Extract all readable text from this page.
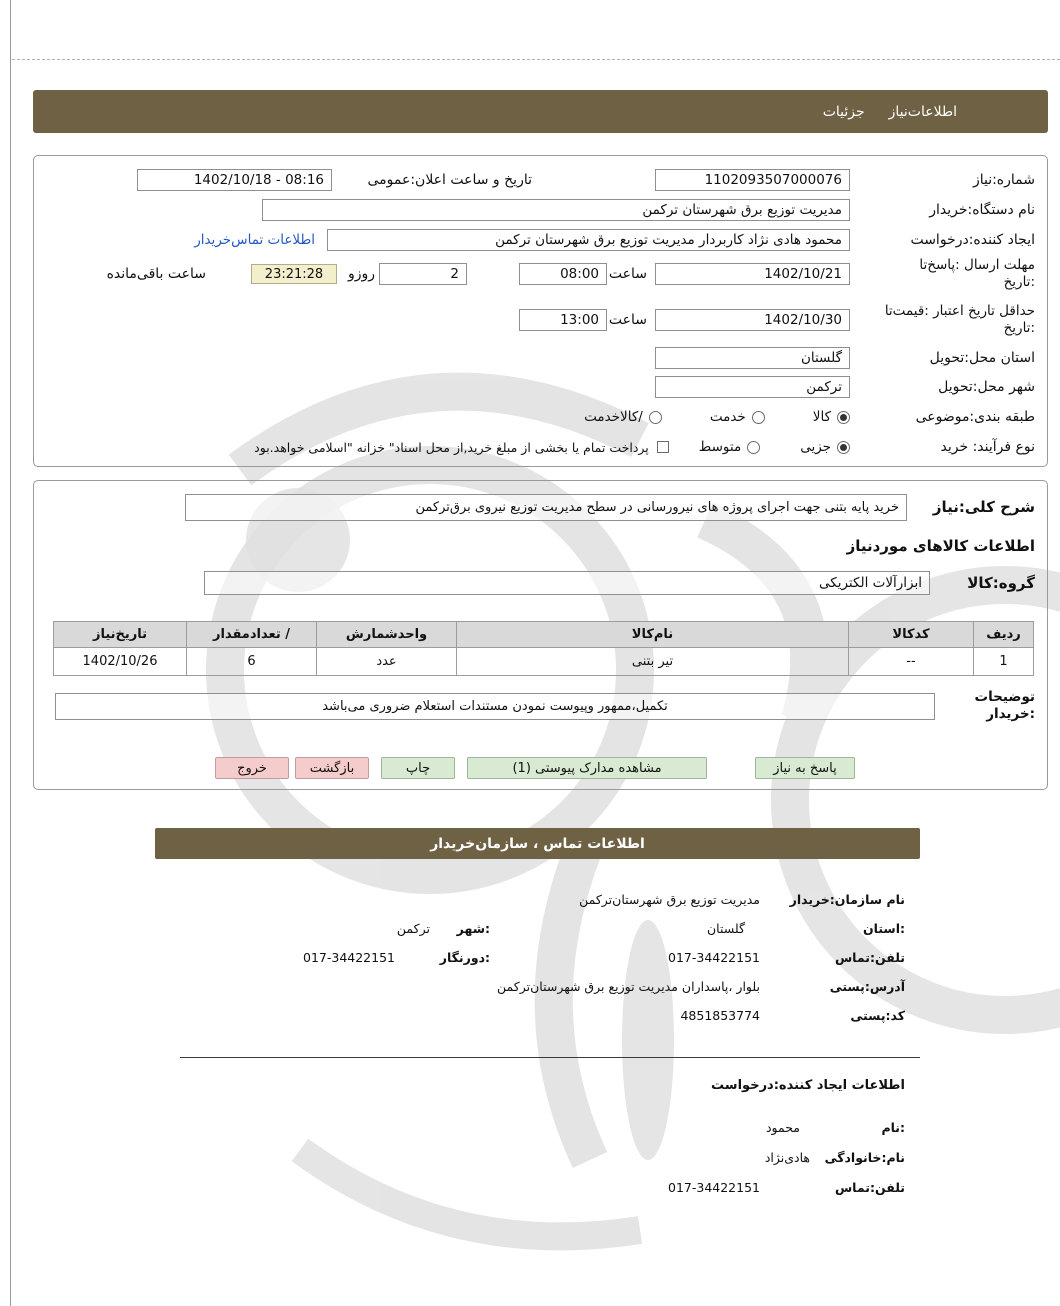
اطلاعات‌نیاز
جزئیات
شماره:نیاز
1102093507000076
تاریخ و ساعت اعلان:عمومی
1402/10/18 - 08:16
نام دستگاه:خریدار
مدیریت توزیع برق شهرستان ترکمن
ایجاد کننده:درخواست
محمود هادی نژاد کاربردار مدیریت توزیع برق شهرستان ترکمن
اطلاعات تماس‌خریدار
مهلت ارسال :پاسخ‌تا
:تاریخ
1402/10/21
ساعت
08:00
2
روزو
23:21:28
ساعت باقی‌مانده
حداقل تاریخ اعتبار :قیمت‌تا
:تاریخ
1402/10/30
ساعت
13:00
استان محل:تحویل
گلستان
شهر محل:تحویل
ترکمن
طبقه بندی:موضوعی
کالا
خدمت
/کالاخدمت
نوع فرآیند: خرید
جزیی
متوسط
پرداخت تمام یا بخشی از مبلغ خرید,از محل اسناد" خزانه "اسلامی خواهد.بود
شرح کلی:نیاز
خرید پایه بتنی جهت اجرای پروژه های نیرورسانی در سطح مدیریت توزیع نیروی برق‌ترکمن
اطلاعات کالاهای موردنیاز
گروه:کالا
ابزارآلات الکتریکی
ردیف	کدکالا	نام‌کالا	واحدشمارش	/ تعدادمقدار	تاریخ‌نیاز
1	--	تیر بتنی	عدد	6	1402/10/26
توضیحات
:خریدار
تکمیل،ممهور وپیوست نمودن مستندات استعلام ضروری می‌باشد
پاسخ به نیاز
مشاهده مدارک پیوستی (1)
چاپ
بازگشت
خروج
اطلاعات تماس ، سازمان‌خریدار
نام سازمان:خریدار
مدیریت توزیع برق شهرستان‌ترکمن
:استان
گلستان
:شهر
ترکمن
تلفن:تماس
017-34422151
:دورنگار
017-34422151
آدرس:پستی
بلوار ،پاسداران مدیریت توزیع برق شهرستان‌ترکمن
کد:پستی
4851853774
اطلاعات ایجاد کننده:درخواست
:نام
محمود
نام:خانوادگی
هادی‌نژاد
تلفن:تماس
017-34422151
